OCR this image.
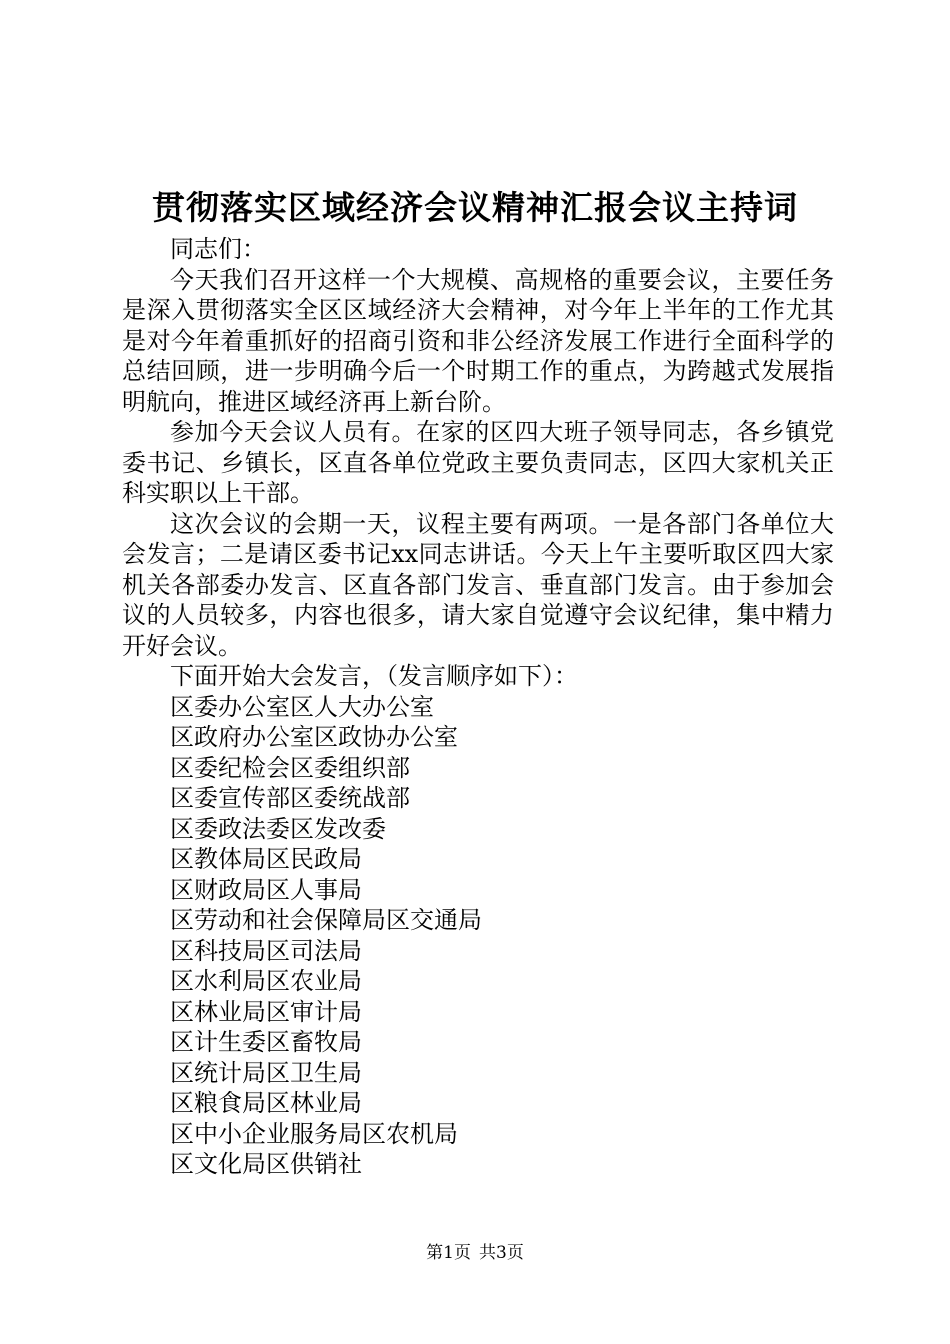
贯彻落实区域经济会议精神汇报会议主持词

同志们：

今天我们召开这样一个大规模、高规格的重要会议，主要任务是深入贯彻落实全区区域经济大会精神，对今年上半年的工作尤其是对今年着重抓好的招商引资和非公经济发展工作进行全面科学的总结回顾，进一步明确今后一个时期工作的重点，为跨越式发展指明航向，推进区域经济再上新台阶。

参加今天会议人员有。在家的区四大班子领导同志，各乡镇党委书记、乡镇长，区直各单位党政主要负责同志，区四大家机关正科实职以上干部。

这次会议的会期一天，议程主要有两项。一是各部门各单位大会发言；二是请区委书记xx同志讲话。今天上午主要听取区四大家机关各部委办发言、区直各部门发言、垂直部门发言。由于参加会议的人员较多，内容也很多，请大家自觉遵守会议纪律，集中精力开好会议。

下面开始大会发言，（发言顺序如下）：

区委办公室区人大办公室
区政府办公室区政协办公室
区委纪检会区委组织部
区委宣传部区委统战部
区委政法委区发改委
区教体局区民政局
区财政局区人事局
区劳动和社会保障局区交通局
区科技局区司法局
区水利局区农业局
区林业局区审计局
区计生委区畜牧局
区统计局区卫生局
区粮食局区林业局
区中小企业服务局区农机局
区文化局区供销社
第1页 共3页
